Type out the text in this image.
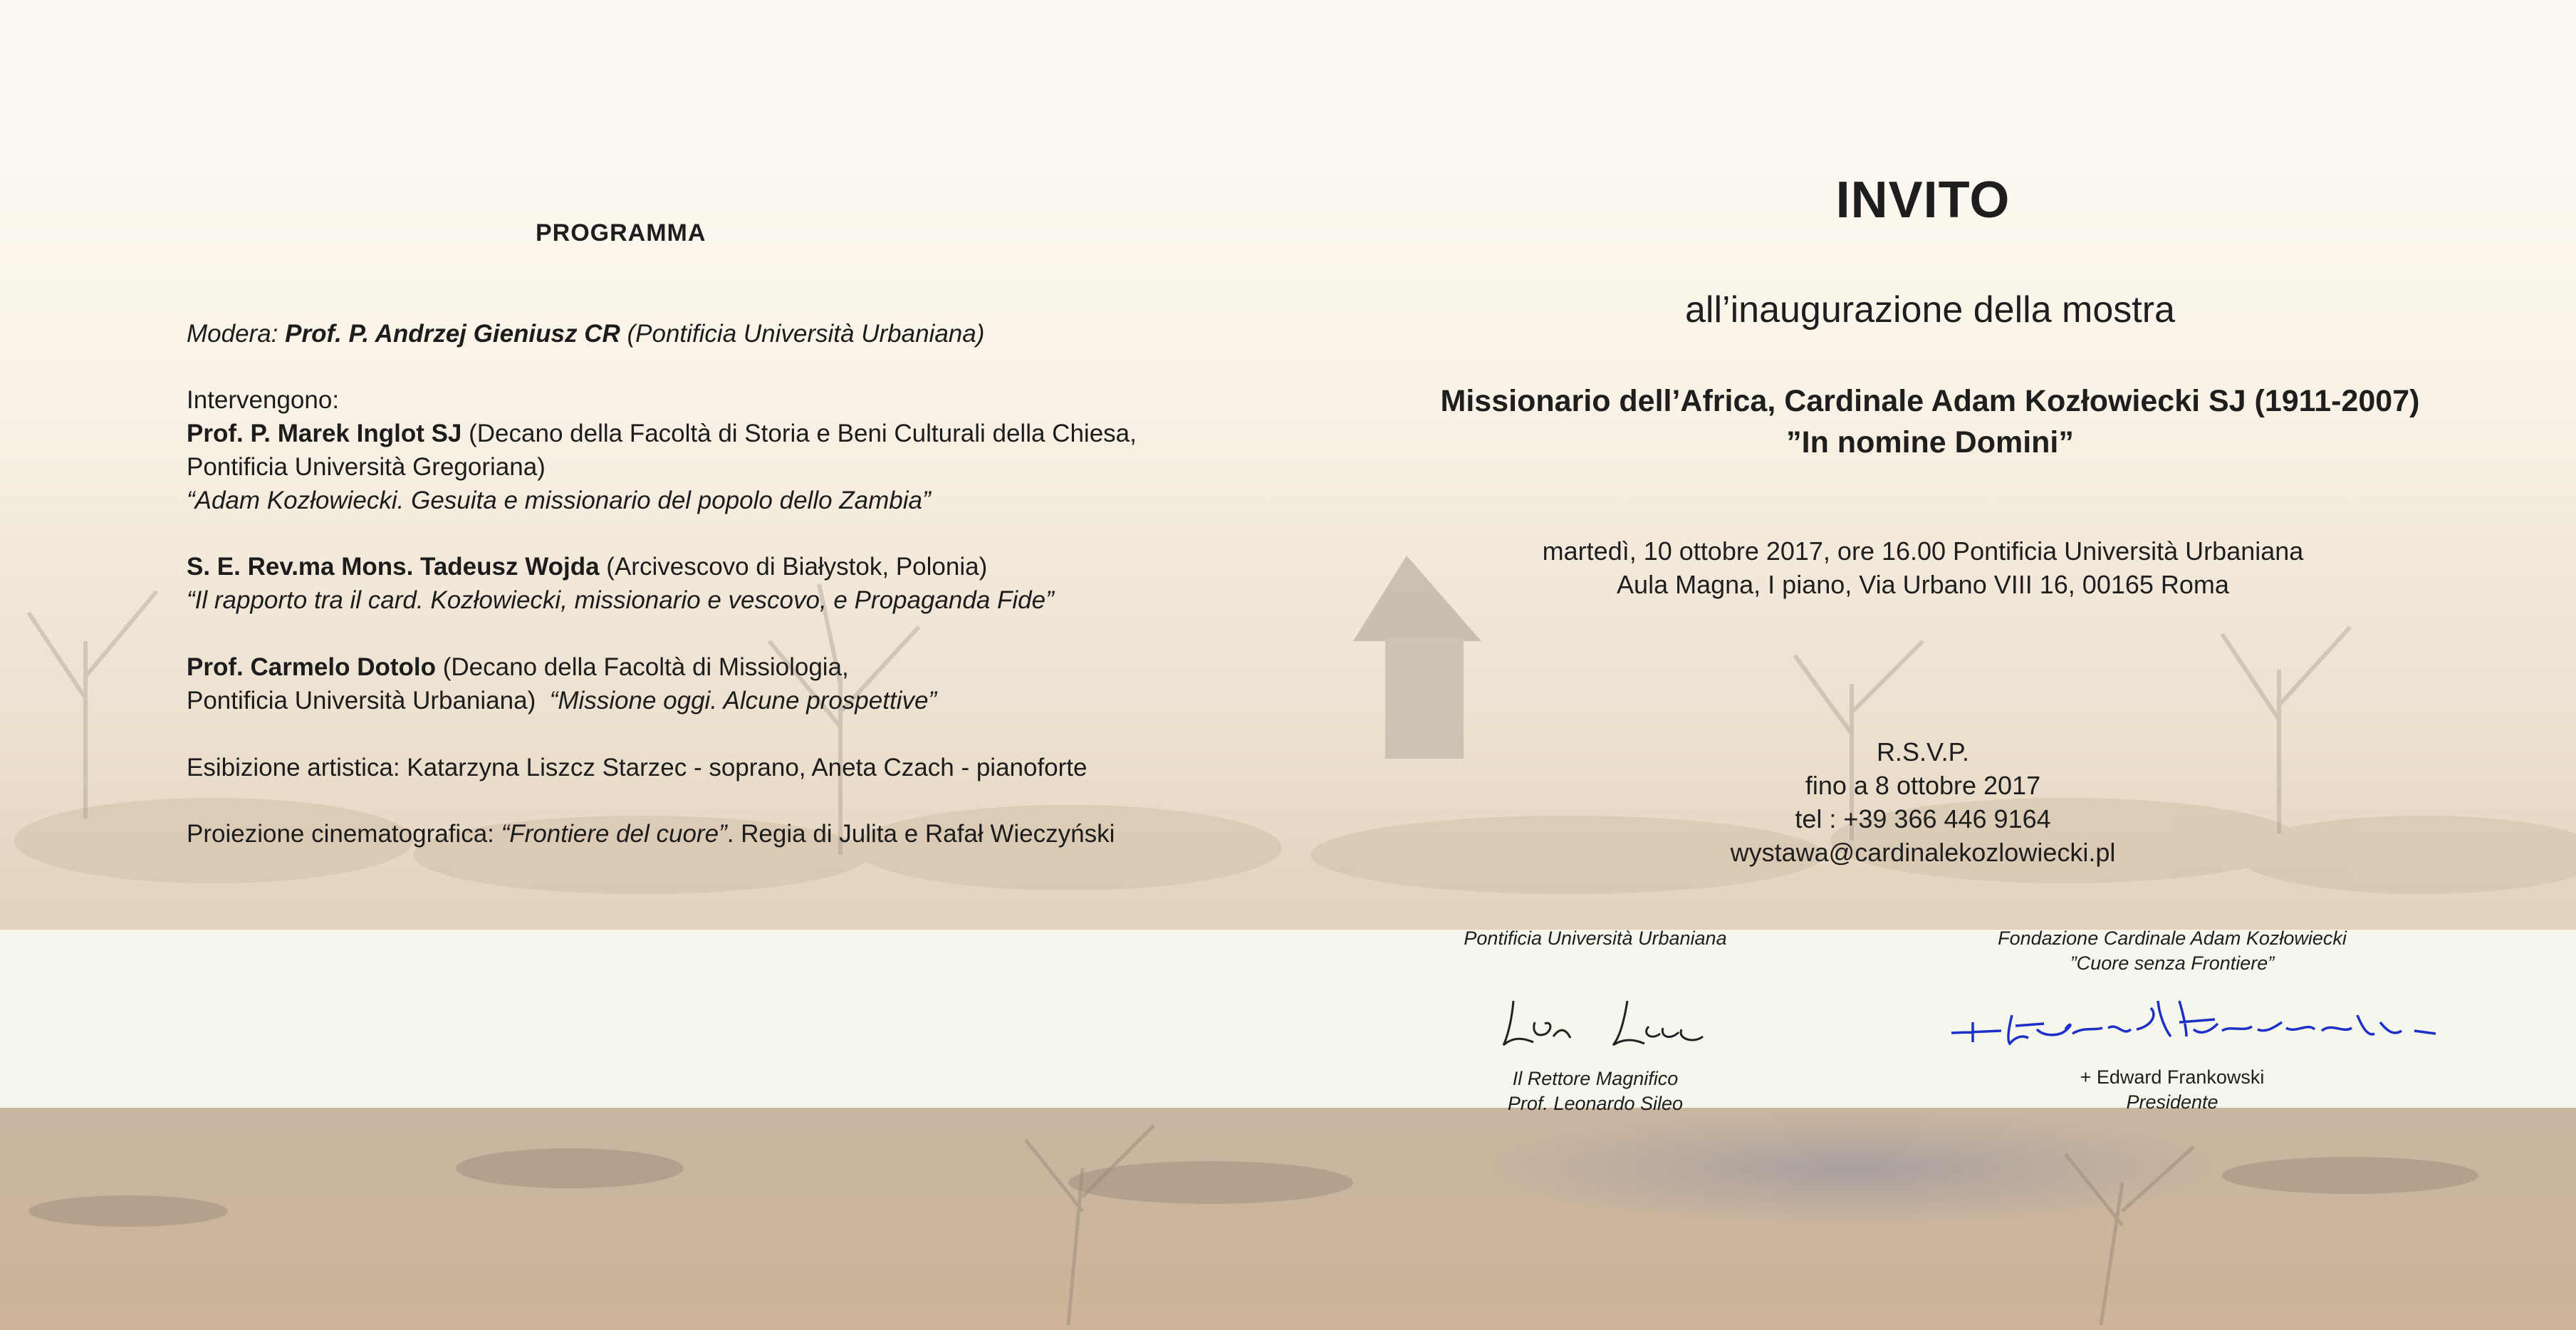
PROGRAMMA
Modera: Prof. P. Andrzej Gieniusz CR (Pontificia Università Urbaniana)
Intervengono:
Prof. P. Marek Inglot SJ (Decano della Facoltà di Storia e Beni Culturali della Chiesa,
Pontificia Università Gregoriana)
“Adam Kozłowiecki. Gesuita e missionario del popolo dello Zambia”
S. E. Rev.ma Mons. Tadeusz Wojda (Arcivescovo di Białystok, Polonia)
“Il rapporto tra il card. Kozłowiecki, missionario e vescovo, e Propaganda Fide”
Prof. Carmelo Dotolo (Decano della Facoltà di Missiologia,
Pontificia Università Urbaniana)  “Missione oggi. Alcune prospettive”
Esibizione artistica: Katarzyna Liszcz Starzec - soprano, Aneta Czach - pianoforte
Proiezione cinematografica: “Frontiere del cuore”. Regia di Julita e Rafał Wieczyński
INVITO
all’inaugurazione della mostra
Missionario dell’Africa, Cardinale Adam Kozłowiecki SJ (1911-2007)
”In nomine Domini”
martedì, 10 ottobre 2017, ore 16.00 Pontificia Università Urbaniana
Aula Magna, I piano, Via Urbano VIII 16, 00165 Roma
R.S.V.P.
fino a 8 ottobre 2017
tel : +39 366 446 9164
wystawa@cardinalekozlowiecki.pl
Pontificia Università Urbaniana
Il Rettore Magnifico
Prof. Leonardo Sileo
Fondazione Cardinale Adam Kozłowiecki
”Cuore senza Frontiere”
+ Edward Frankowski
Presidente
